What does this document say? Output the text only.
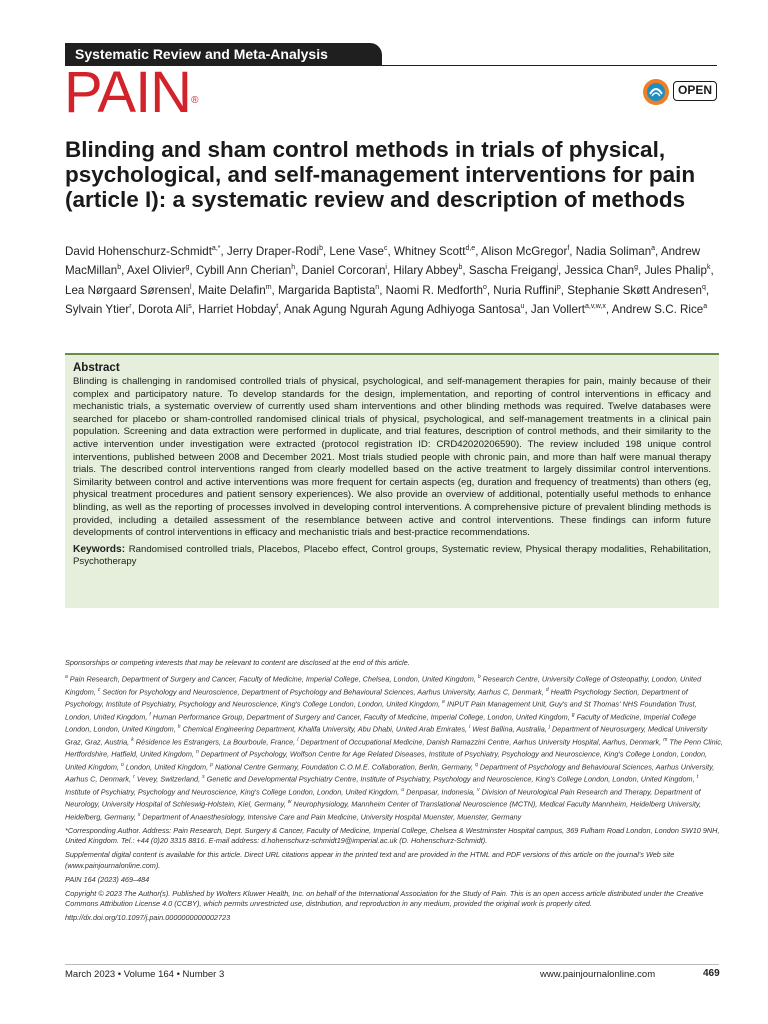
Systematic Review and Meta-Analysis
PAIN®
OPEN
Blinding and sham control methods in trials of physical, psychological, and self-management interventions for pain (article I): a systematic review and description of methods

David Hohenschurz-Schmidt$^{a,*}$, Jerry Draper-Rodi$^b$, Lene Vase$^c$, Whitney Scott$^{d,e}$, Alison McGregor$^f$, Nadia Soliman$^a$, Andrew MacMillan$^b$, Axel Olivier$^g$, Cybill Ann Cherian$^h$, Daniel Corcoran$^i$, Hilary Abbey$^b$, Sascha Freigang$^j$, Jessica Chan$^g$, Jules Phalip$^k$, Lea Nørgaard Sørensen$^l$, Maite Delafin$^m$, Margarida Baptista$^n$, Naomi R. Medforth$^o$, Nuria Ruffini$^p$, Stephanie Skøtt Andresen$^q$, Sylvain Ytier$^r$, Dorota Ali$^s$, Harriet Hobday$^t$, Anak Agung Ngurah Agung Adhiyoga Santosa$^u$, Jan Vollert$^{a,v,w,x}$, Andrew S.C. Rice$^a$

Abstract

Blinding is challenging in randomised controlled trials of physical, psychological, and self-management therapies for pain, mainly because of their complex and participatory nature. To develop standards for the design, implementation, and reporting of control interventions in efficacy and mechanistic trials, a systematic overview of currently used sham interventions and other blinding methods was required. Twelve databases were searched for placebo or sham-controlled randomised clinical trials of physical, psychological, and self-management treatments in a clinical pain population. Screening and data extraction were performed in duplicate, and trial features, description of control methods, and their similarity to the active intervention under investigation were extracted (protocol registration ID: CRD42020206590). The review included 198 unique control interventions, published between 2008 and December 2021. Most trials studied people with chronic pain, and more than half were manual therapy trials. The described control interventions ranged from clearly modelled based on the active treatment to largely dissimilar control interventions. Similarity between control and active interventions was more frequent for certain aspects (eg, duration and frequency of treatments) than others (eg, physical treatment procedures and patient sensory experiences). We also provide an overview of additional, potentially useful methods to enhance blinding, as well as the reporting of processes involved in developing control interventions. A comprehensive picture of prevalent blinding methods is provided, including a detailed assessment of the resemblance between active and control interventions. These findings can inform future developments of control interventions in efficacy and mechanistic trials and best-practice recommendations.

Keywords: Randomised controlled trials, Placebos, Placebo effect, Control groups, Systematic review, Physical therapy modalities, Rehabilitation, Psychotherapy

Sponsorships or competing interests that may be relevant to content are disclosed at the end of this article.

$^a$ Pain Research, Department of Surgery and Cancer, Faculty of Medicine, Imperial College, Chelsea, London, United Kingdom, $^b$ Research Centre, University College of Osteopathy, London, United Kingdom, $^c$ Section for Psychology and Neuroscience, Department of Psychology and Behavioural Sciences, Aarhus University, Aarhus C, Denmark, $^d$ Health Psychology Section, Department of Psychology, Institute of Psychiatry, Psychology and Neuroscience, King's College London, London, United Kingdom, $^e$ INPUT Pain Management Unit, Guy's and St Thomas' NHS Foundation Trust, London, United Kingdom, $^f$ Human Performance Group, Department of Surgery and Cancer, Faculty of Medicine, Imperial College, London, United Kingdom, $^g$ Faculty of Medicine, Imperial College London, London, United Kingdom, $^h$ Chemical Engineering Department, Khalifa University, Abu Dhabi, United Arab Emirates, $^i$ West Ballina, Australia, $^j$ Department of Neurosurgery, Medical University Graz, Graz, Austria, $^k$ Résidence les Estrangers, La Bourboule, France, $^l$ Department of Occupational Medicine, Danish Ramazzini Centre, Aarhus University Hospital, Aarhus, Denmark, $^m$ The Penn Clinic, Hertfordshire, Hatfield, United Kingdom, $^n$ Department of Psychology, Wolfson Centre for Age Related Diseases, Institute of Psychiatry, Psychology and Neuroscience, King's College London, London, United Kingdom, $^o$ London, United Kingdom, $^p$ National Centre Germany, Foundation C.O.M.E. Collaboration, Berlin, Germany, $^q$ Department of Psychology and Behavioural Sciences, Aarhus University, Aarhus C, Denmark, $^r$ Vevey, Switzerland, $^s$ Genetic and Developmental Psychiatry Centre, Institute of Psychiatry, Psychology and Neuroscience, King's College London, London, United Kingdom, $^t$ Institute of Psychiatry, Psychology and Neuroscience, King's College London, London, United Kingdom, $^u$ Denpasar, Indonesia, $^v$ Division of Neurological Pain Research and Therapy, Department of Neurology, University Hospital of Schleswig-Holstein, Kiel, Germany, $^w$ Neurophysiology, Mannheim Center of Translational Neuroscience (MCTN), Medical Faculty Mannheim, Heidelberg University, Heidelberg, Germany, $^x$ Department of Anaesthesiology, Intensive Care and Pain Medicine, University Hospital Muenster, Muenster, Germany

*Corresponding Author. Address: Pain Research, Dept. Surgery & Cancer, Faculty of Medicine, Imperial College, Chelsea & Westminster Hospital campus, 369 Fulham Road London, London SW10 9NH, United Kingdom. Tel.: +44 (0)20 3315 8816. E-mail address: d.hohenschurz-schmidt19@imperial.ac.uk (D. Hohenschurz-Schmidt).

Supplemental digital content is available for this article. Direct URL citations appear in the printed text and are provided in the HTML and PDF versions of this article on the journal's Web site (www.painjournalonline.com).

PAIN 164 (2023) 469–484

Copyright © 2023 The Author(s). Published by Wolters Kluwer Health, Inc. on behalf of the International Association for the Study of Pain. This is an open access article distributed under the Creative Commons Attribution License 4.0 (CCBY), which permits unrestricted use, distribution, and reproduction in any medium, provided the original work is properly cited.

http://dx.doi.org/10.1097/j.pain.0000000000002723

March 2023 • Volume 164 • Number 3	www.painjournalonline.com	469
